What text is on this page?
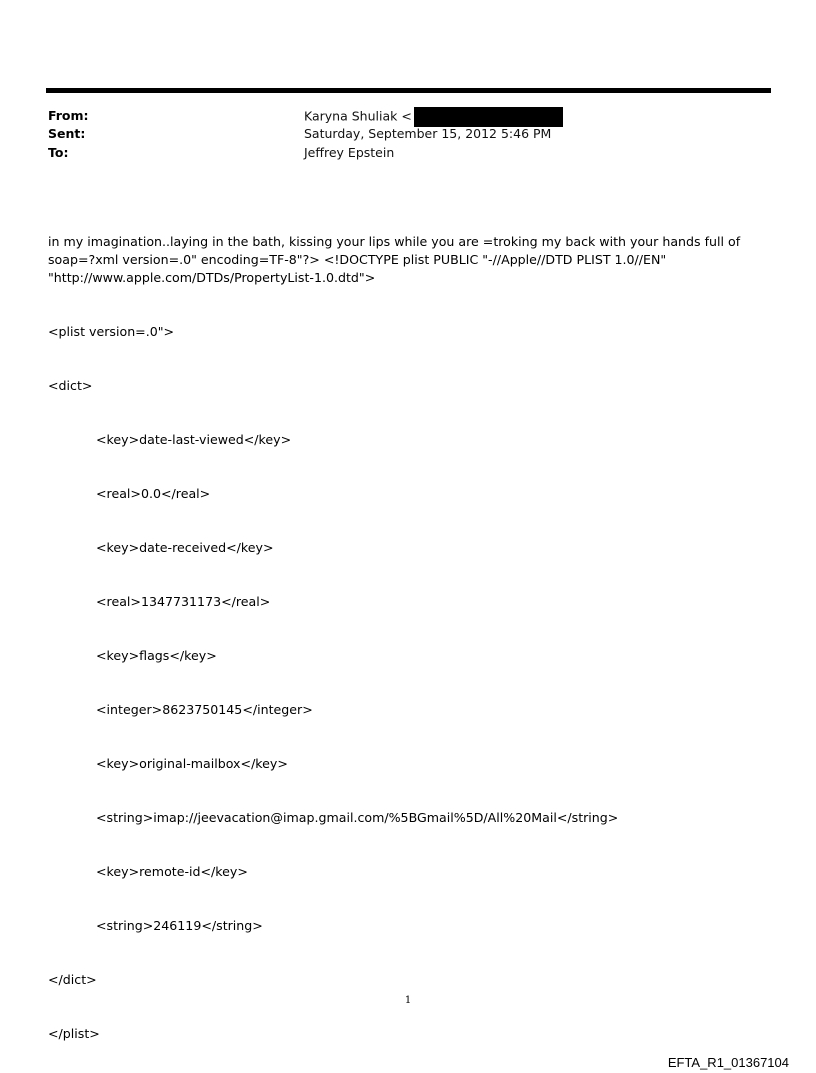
From:	Karyna Shuliak <
Sent:	Saturday, September 15, 2012 5:46 PM
To:	Jeffrey Epstein

in my imagination..laying in the bath, kissing your lips while you are =troking my back with your hands full of soap=?xml version=.0" encoding=TF-8"?> <!DOCTYPE plist PUBLIC "-//Apple//DTD PLIST 1.0//EN" "http://www.apple.com/DTDs/PropertyList-1.0.dtd">

<plist version=.0">

<dict>

<key>date-last-viewed</key>

<real>0.0</real>

<key>date-received</key>

<real>1347731173</real>

<key>flags</key>

<integer>8623750145</integer>

<key>original-mailbox</key>

<string>imap://jeevacation@imap.gmail.com/%5BGmail%5D/All%20Mail</string>

<key>remote-id</key>

<string>246119</string>

</dict>

</plist>

1
EFTA_R1_01367104
